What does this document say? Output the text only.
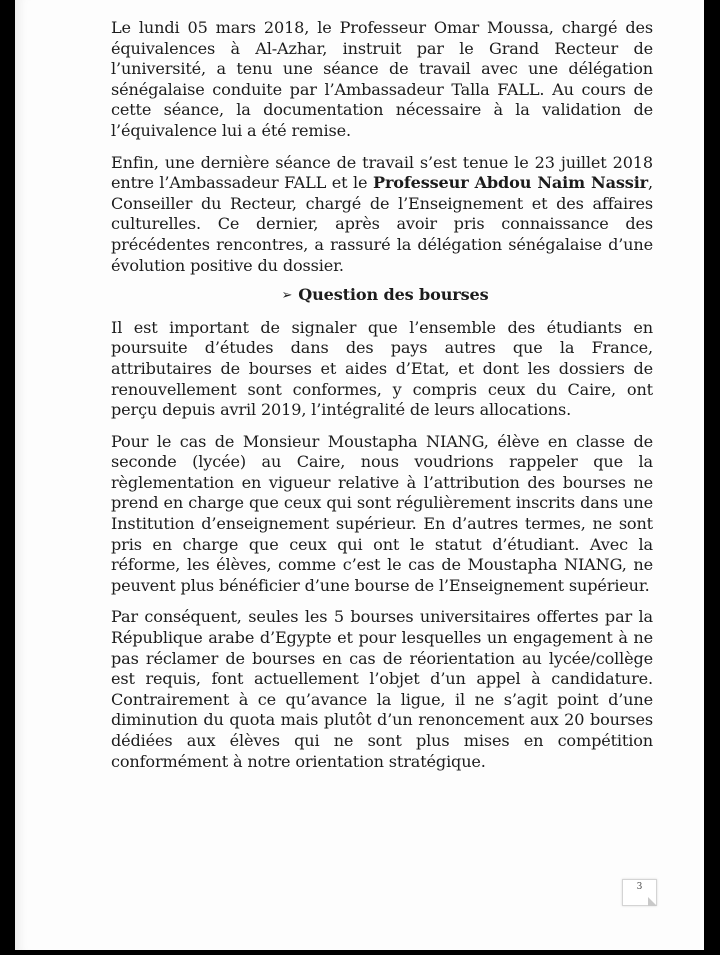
Le lundi 05 mars 2018, le Professeur Omar Moussa, chargé des équivalences à Al-Azhar, instruit par le Grand Recteur de l’université, a tenu une séance de travail avec une délégation sénégalaise conduite par l’Ambassadeur Talla FALL. Au cours de cette séance, la documentation nécessaire à la validation de l’équivalence lui a été remise.

Enfin, une dernière séance de travail s’est tenue le 23 juillet 2018 entre l’Ambassadeur FALL et le Professeur Abdou Naim Nassir, Conseiller du Recteur, chargé de l’Enseignement et des affaires culturelles. Ce dernier, après avoir pris connaissance des précédentes rencontres, a rassuré la délégation sénégalaise d’une évolution positive du dossier.

➢ Question des bourses

Il est important de signaler que l’ensemble des étudiants en poursuite d’études dans des pays autres que la France, attributaires de bourses et aides d’Etat, et dont les dossiers de renouvellement sont conformes, y compris ceux du Caire, ont perçu depuis avril 2019, l’intégralité de leurs allocations.

Pour le cas de Monsieur Moustapha NIANG, élève en classe de seconde (lycée) au Caire, nous voudrions rappeler que la règlementation en vigueur relative à l’attribution des bourses ne prend en charge que ceux qui sont régulièrement inscrits dans une Institution d’enseignement supérieur. En d’autres termes, ne sont pris en charge que ceux qui ont le statut d’étudiant. Avec la réforme, les élèves, comme c’est le cas de Moustapha NIANG, ne peuvent plus bénéficier d’une bourse de l’Enseignement supérieur.

Par conséquent, seules les 5 bourses universitaires offertes par la République arabe d’Egypte et pour lesquelles un engagement à ne pas réclamer de bourses en cas de réorientation au lycée/collège est requis, font actuellement l’objet d’un appel à candidature. Contrairement à ce qu’avance la ligue, il ne s’agit point d’une diminution du quota mais plutôt d’un renoncement aux 20 bourses dédiées aux élèves qui ne sont plus mises en compétition conformément à notre orientation stratégique.

3
